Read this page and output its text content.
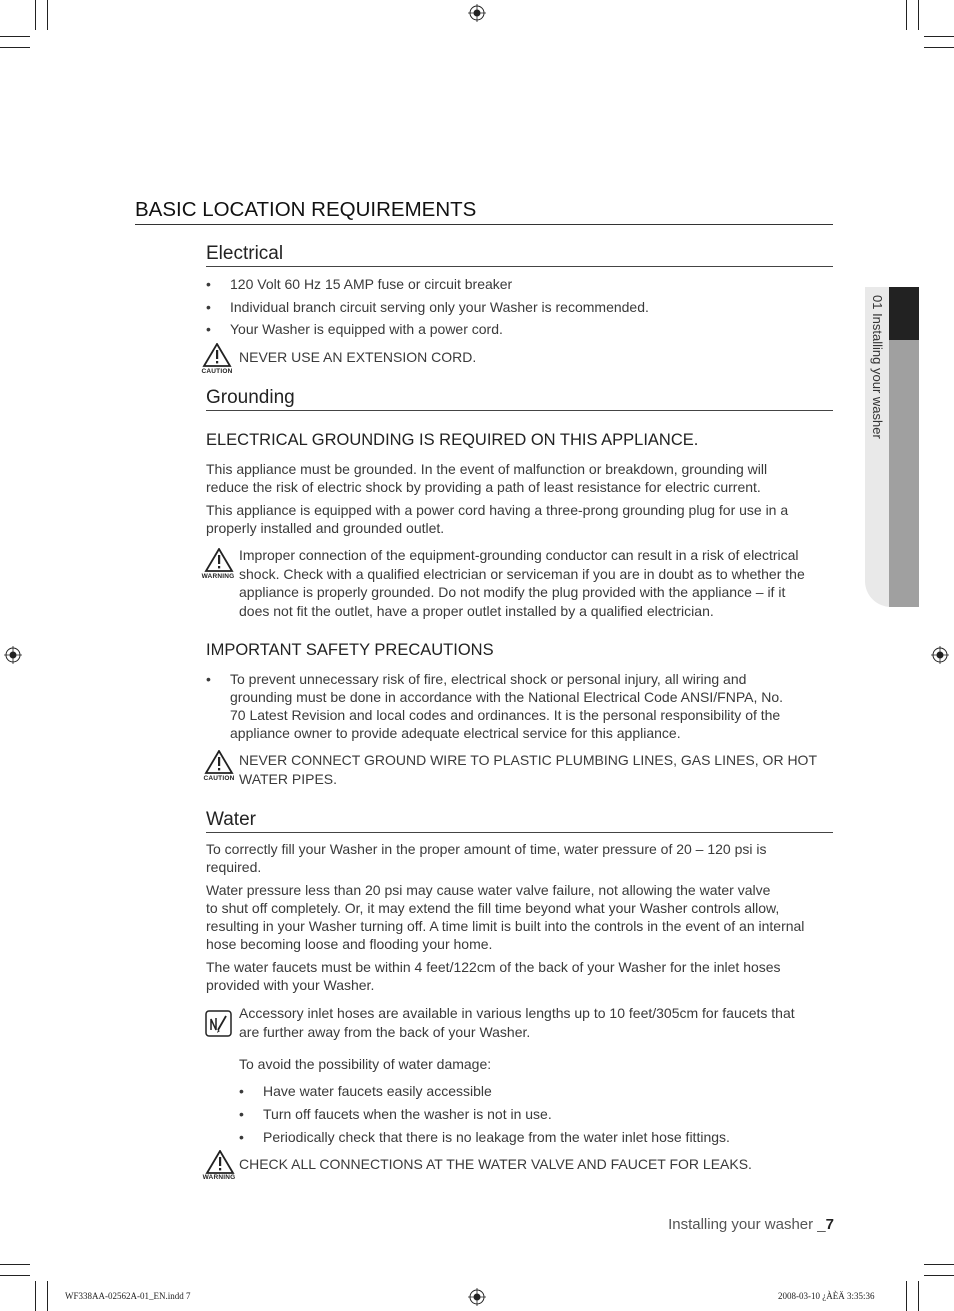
01 Installing your washer
BASIC LOCATION REQUIREMENTS
Electrical
• 120 Volt 60 Hz 15 AMP fuse or circuit breaker
• Individual branch circuit serving only your Washer is recommended.
• Your Washer is equipped with a power cord.
CAUTION
NEVER USE AN EXTENSION CORD.
Grounding
ELECTRICAL GROUNDING IS REQUIRED ON THIS APPLIANCE.
This appliance must be grounded. In the event of malfunction or breakdown, grounding will
reduce the risk of electric shock by providing a path of least resistance for electric current.
This appliance is equipped with a power cord having a three-prong grounding plug for use in a
properly installed and grounded outlet.
WARNING
Improper connection of the equipment-grounding conductor can result in a risk of electrical
shock. Check with a qualified electrician or serviceman if you are in doubt as to whether the
appliance is properly grounded. Do not modify the plug provided with the appliance – if it
does not fit the outlet, have a proper outlet installed by a qualified electrician.
IMPORTANT SAFETY PRECAUTIONS
• To prevent unnecessary risk of fire, electrical shock or personal injury, all wiring and
grounding must be done in accordance with the National Electrical Code ANSI/FNPA, No.
70 Latest Revision and local codes and ordinances. It is the personal responsibility of the
appliance owner to provide adequate electrical service for this appliance.
CAUTION
NEVER CONNECT GROUND WIRE TO PLASTIC PLUMBING LINES, GAS LINES, OR HOT
WATER PIPES.
Water
To correctly fill your Washer in the proper amount of time, water pressure of 20 – 120 psi is
required.
Water pressure less than 20 psi may cause water valve failure, not allowing the water valve
to shut off completely. Or, it may extend the fill time beyond what your Washer controls allow,
resulting in your Washer turning off. A time limit is built into the controls in the event of an internal
hose becoming loose and flooding your home.
The water faucets must be within 4 feet/122cm of the back of your Washer for the inlet hoses
provided with your Washer.
Accessory inlet hoses are available in various lengths up to 10 feet/305cm for faucets that
are further away from the back of your Washer.
To avoid the possibility of water damage:
• Have water faucets easily accessible
• Turn off faucets when the washer is not in use.
• Periodically check that there is no leakage from the water inlet hose fittings.
WARNING
CHECK ALL CONNECTIONS AT THE WATER VALVE AND FAUCET FOR LEAKS.
Installing your washer _7
WF338AA-02562A-01_EN.indd 7	2008-03-10 ¿ÀÈÄ 3:35:36
